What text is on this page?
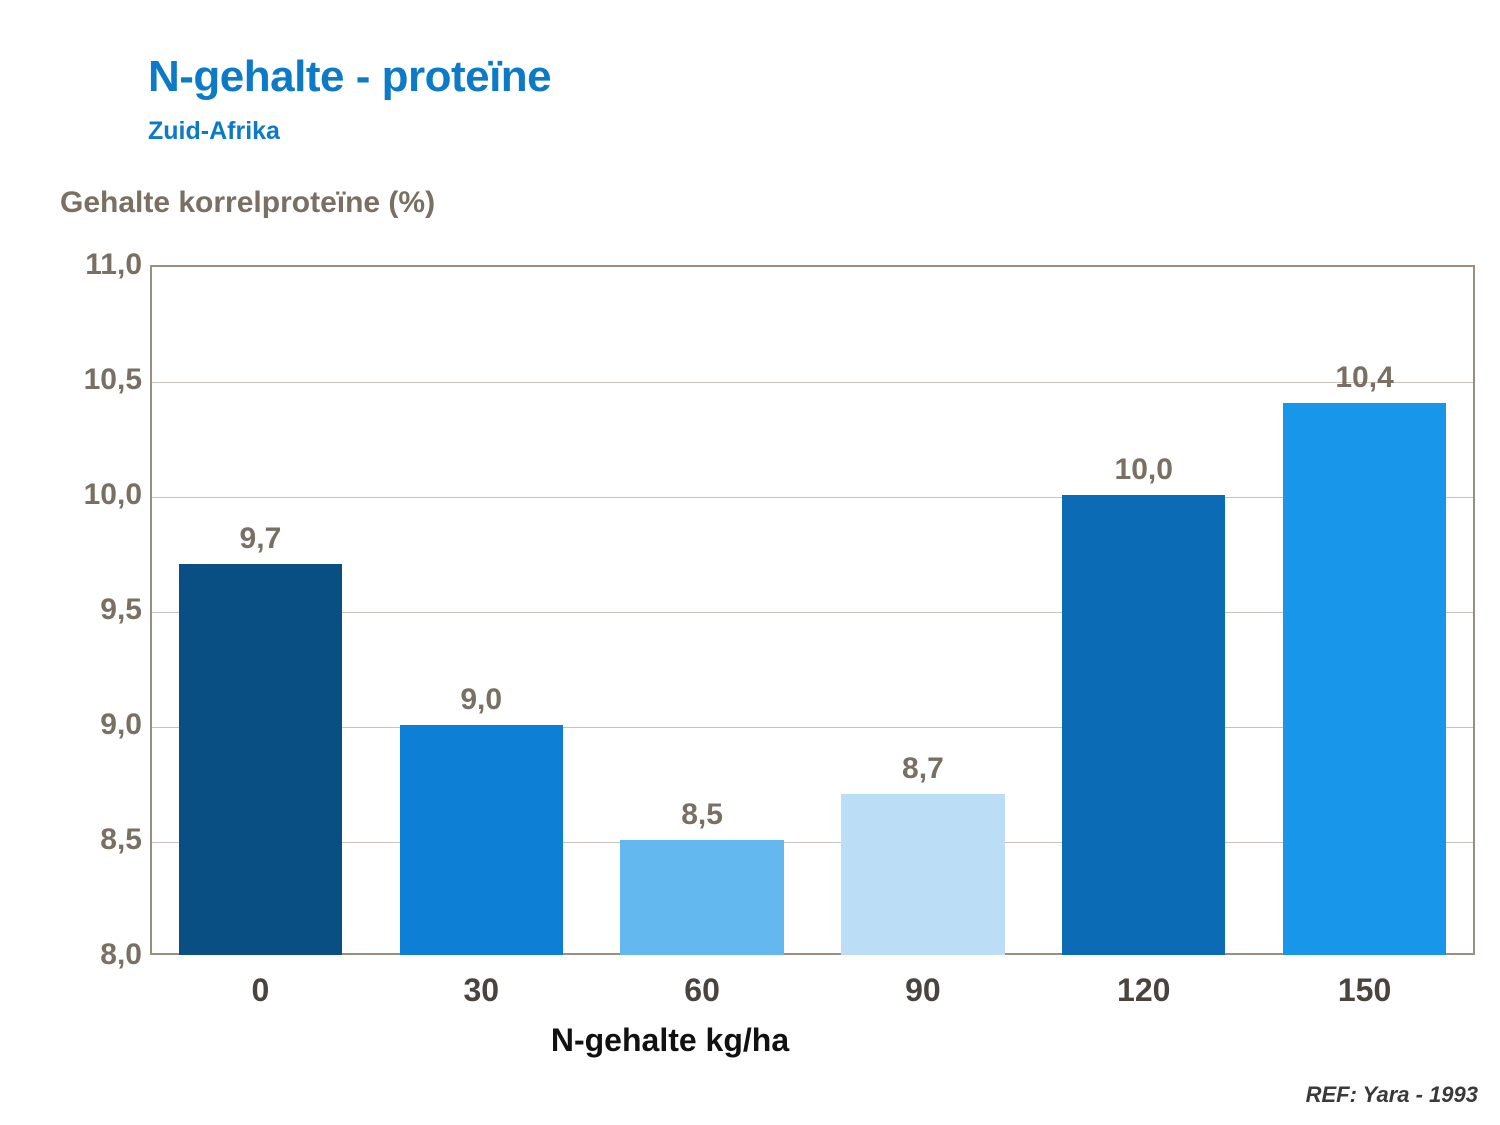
N-gehalte - proteïne
Zuid-Afrika
Gehalte korrelproteïne (%)
9,7
9,0
8,5
8,7
10,0
10,4
N-gehalte kg/ha
REF: Yara - 1993
8,0
8,5
9,0
9,5
10,0
10,5
11,0
0	30	60	90	120	150
